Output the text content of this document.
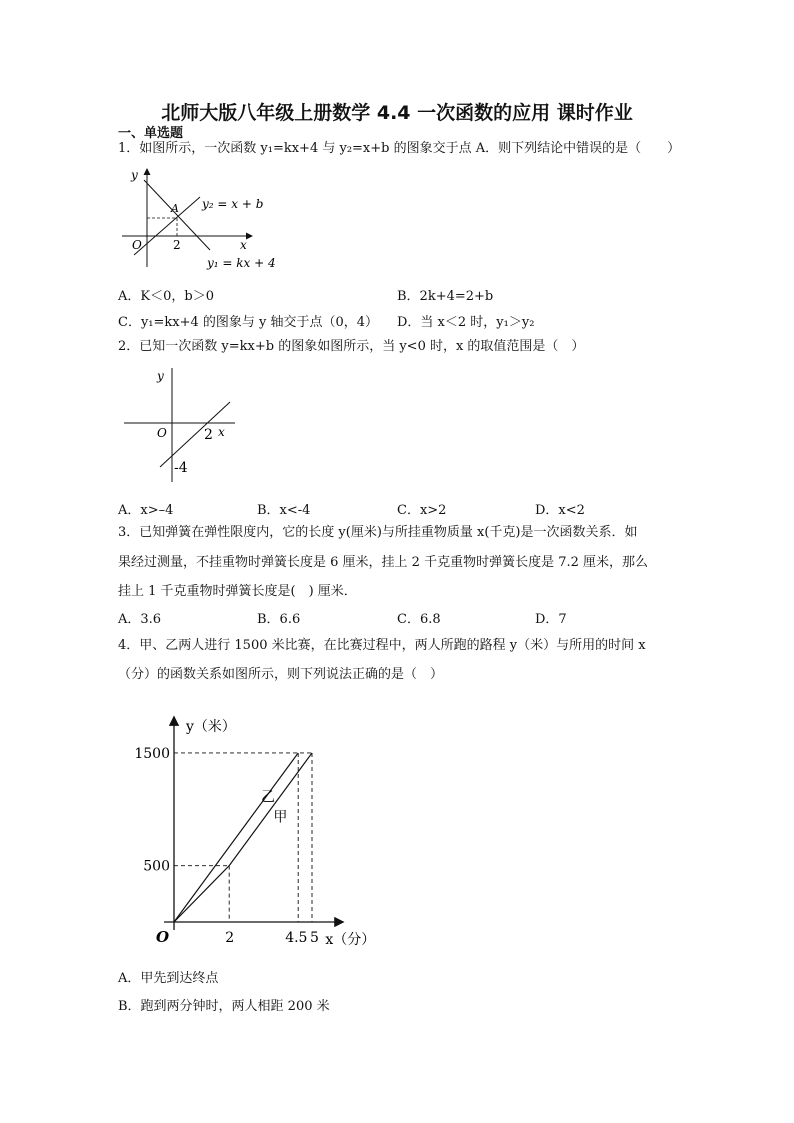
北师大版八年级上册数学 4.4 一次函数的应用 课时作业
一、单选题
1．如图所示，一次函数 y₁=kx+4 与 y₂=x+b 的图象交于点 A．则下列结论中错误的是（　　）
y
x
O
A
2
y₂ = x + b
y₁ = kx + 4
A．K＜0，b＞0	B．2k+4=2+b
C．y₁=kx+4 的图象与 y 轴交于点（0，4） D．当 x＜2 时，y₁＞y₂
2．已知一次函数 y=kx+b 的图象如图所示，当 y<0 时，x 的取值范围是（　）
y
x
O	2
-4
A．x>–4	B．x<-4	C．x>2	D．x<2
3．已知弹簧在弹性限度内，它的长度 y(厘米)与所挂重物质量 x(千克)是一次函数关系．如
果经过测量，不挂重物时弹簧长度是 6 厘米，挂上 2 千克重物时弹簧长度是 7.2 厘米，那么
挂上 1 千克重物时弹簧长度是(　) 厘米．
A．3.6	B．6.6	C．6.8	D．7
4．甲、乙两人进行 1500 米比赛，在比赛过程中，两人所跑的路程 y（米）与所用的时间 x
（分）的函数关系如图所示，则下列说法正确的是（　）
乙
甲
2	4.5 5
500
1500
O	x（分）
y（米）
A．甲先到达终点
B．跑到两分钟时，两人相距 200 米
